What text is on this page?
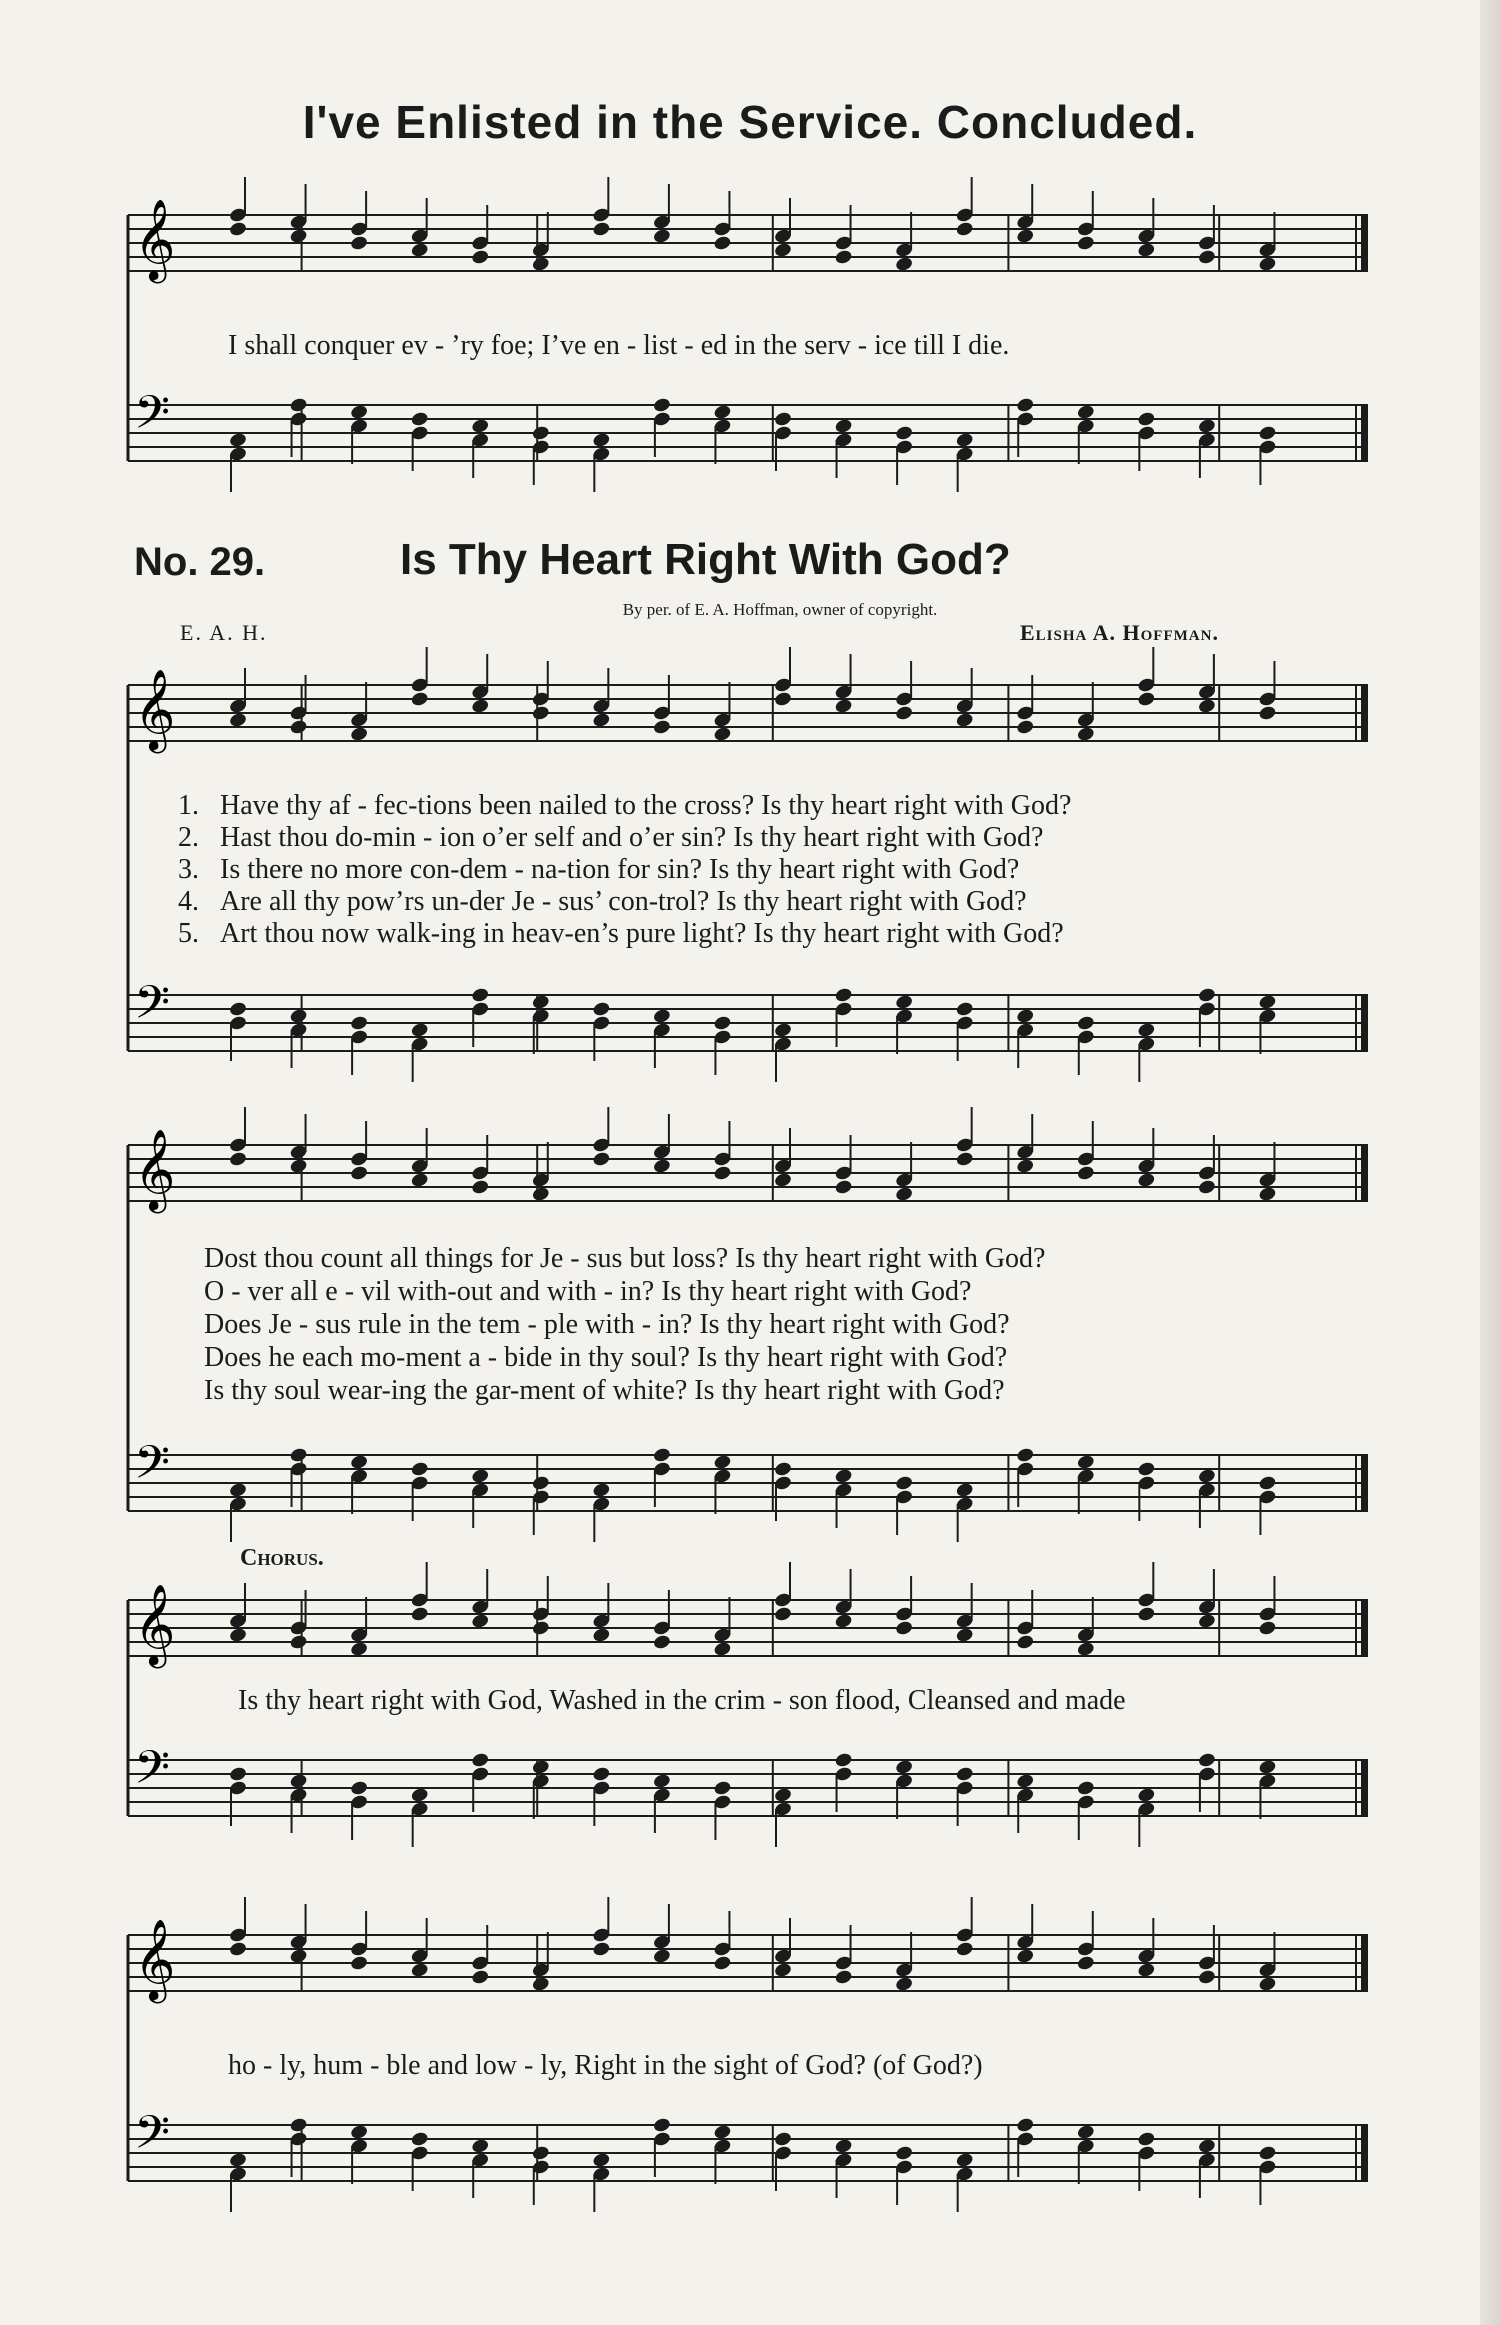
I've Enlisted in the Service. Concluded.
𝄞
𝄢
I shall conquer ev - ’ry foe; I’ve en - list - ed in the serv - ice till I die.
No. 29.	Is Thy Heart Right With God?
By per. of E. A. Hoffman, owner of copyright.
E. A. H.	Elisha A. Hoffman.
𝄞
𝄢
1. Have thy af - fec-tions been nailed to the cross? Is thy heart right with God?
2. Hast thou do-min - ion o’er self and o’er sin? Is thy heart right with God?
3. Is there no more con-dem - na-tion for sin? Is thy heart right with God?
4. Are all thy pow’rs un-der Je - sus’ con-trol? Is thy heart right with God?
5. Art thou now walk-ing in heav-en’s pure light? Is thy heart right with God?
𝄞
𝄢
Dost thou count all things for Je - sus but loss? Is thy heart right with God?
O - ver all e - vil with-out and with - in? Is thy heart right with God?
Does Je - sus rule in the tem - ple with - in? Is thy heart right with God?
Does he each mo-ment a - bide in thy soul? Is thy heart right with God?
Is thy soul wear-ing the gar-ment of white? Is thy heart right with God?
Chorus.
𝄞
𝄢
Is thy heart right with God, Washed in the crim - son flood, Cleansed and made
𝄞
𝄢
ho - ly, hum - ble and low - ly, Right in the sight of God? (of God?)
